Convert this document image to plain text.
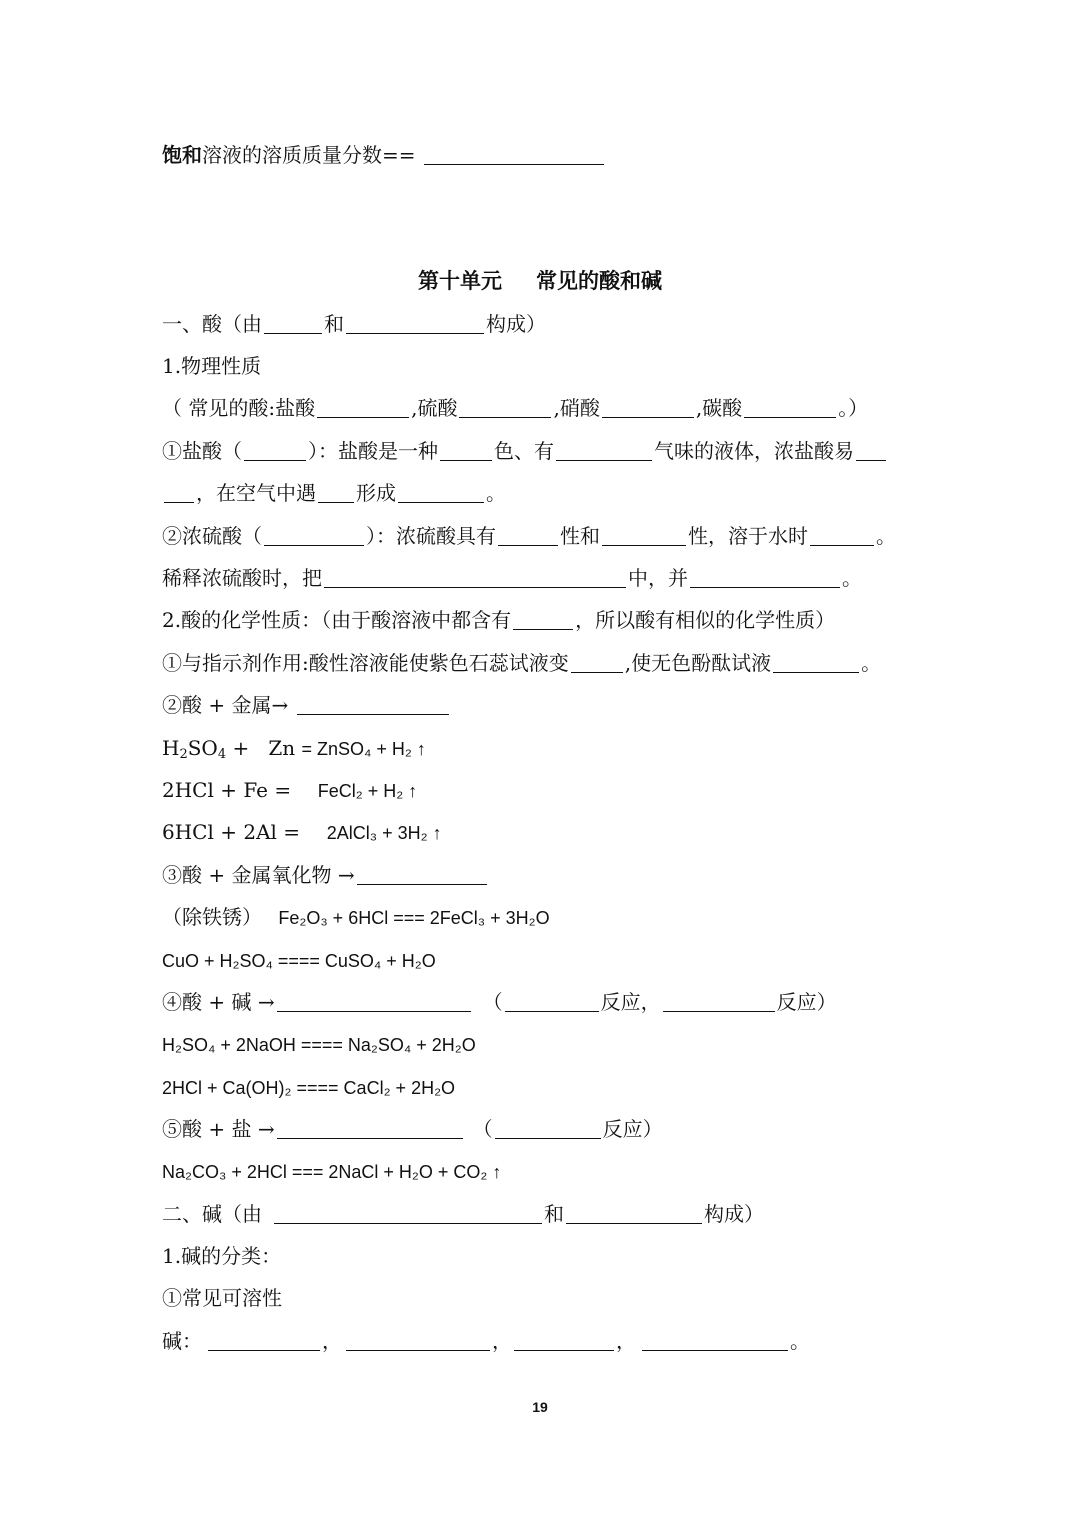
饱和溶液的溶质质量分数==
第十单元 常见的酸和碱
一、酸（由	和	构成）
1.物理性质
（ 常见的酸:盐酸	,硫酸	,硝酸	,碳酸	。）
①盐酸（	）：盐酸是一种	色、有	气味的液体，浓盐酸易
，在空气中遇 形成	。
②浓硫酸（	）：浓硫酸具有	性和	性，溶于水时	。
稀释浓硫酸时，把	中，并	。
2.酸的化学性质：（由于酸溶液中都含有	，所以酸有相似的化学性质）
①与指示剂作用:酸性溶液能使紫色石蕊试液变	,使无色酚酞试液	。
②酸 + 金属→
$H_2SO_4 + Zn$ = ZnSO₄ + H₂ ↑
2HCl + Fe =  FeCl₂ + H₂ ↑
6HCl + 2Al =  2AlCl₃ + 3H₂ ↑
③酸 + 金属氧化物 →
（除铁锈） Fe₂O₃ + 6HCl === 2FeCl₃ + 3H₂O
CuO + H₂SO₄ ==== CuSO₄ + H₂O
④酸 + 碱 →	（	反应，	反应）
H₂SO₄ + 2NaOH ==== Na₂SO₄ + 2H₂O
2HCl + Ca(OH)₂ ==== CaCl₂ + 2H₂O
⑤酸 + 盐 →	（	反应）
Na₂CO₃ + 2HCl === 2NaCl + H₂O + CO₂ ↑
二、碱（由	和	构成）
1.碱的分类：
①常见可溶性
碱：	，	，	，	。
19
